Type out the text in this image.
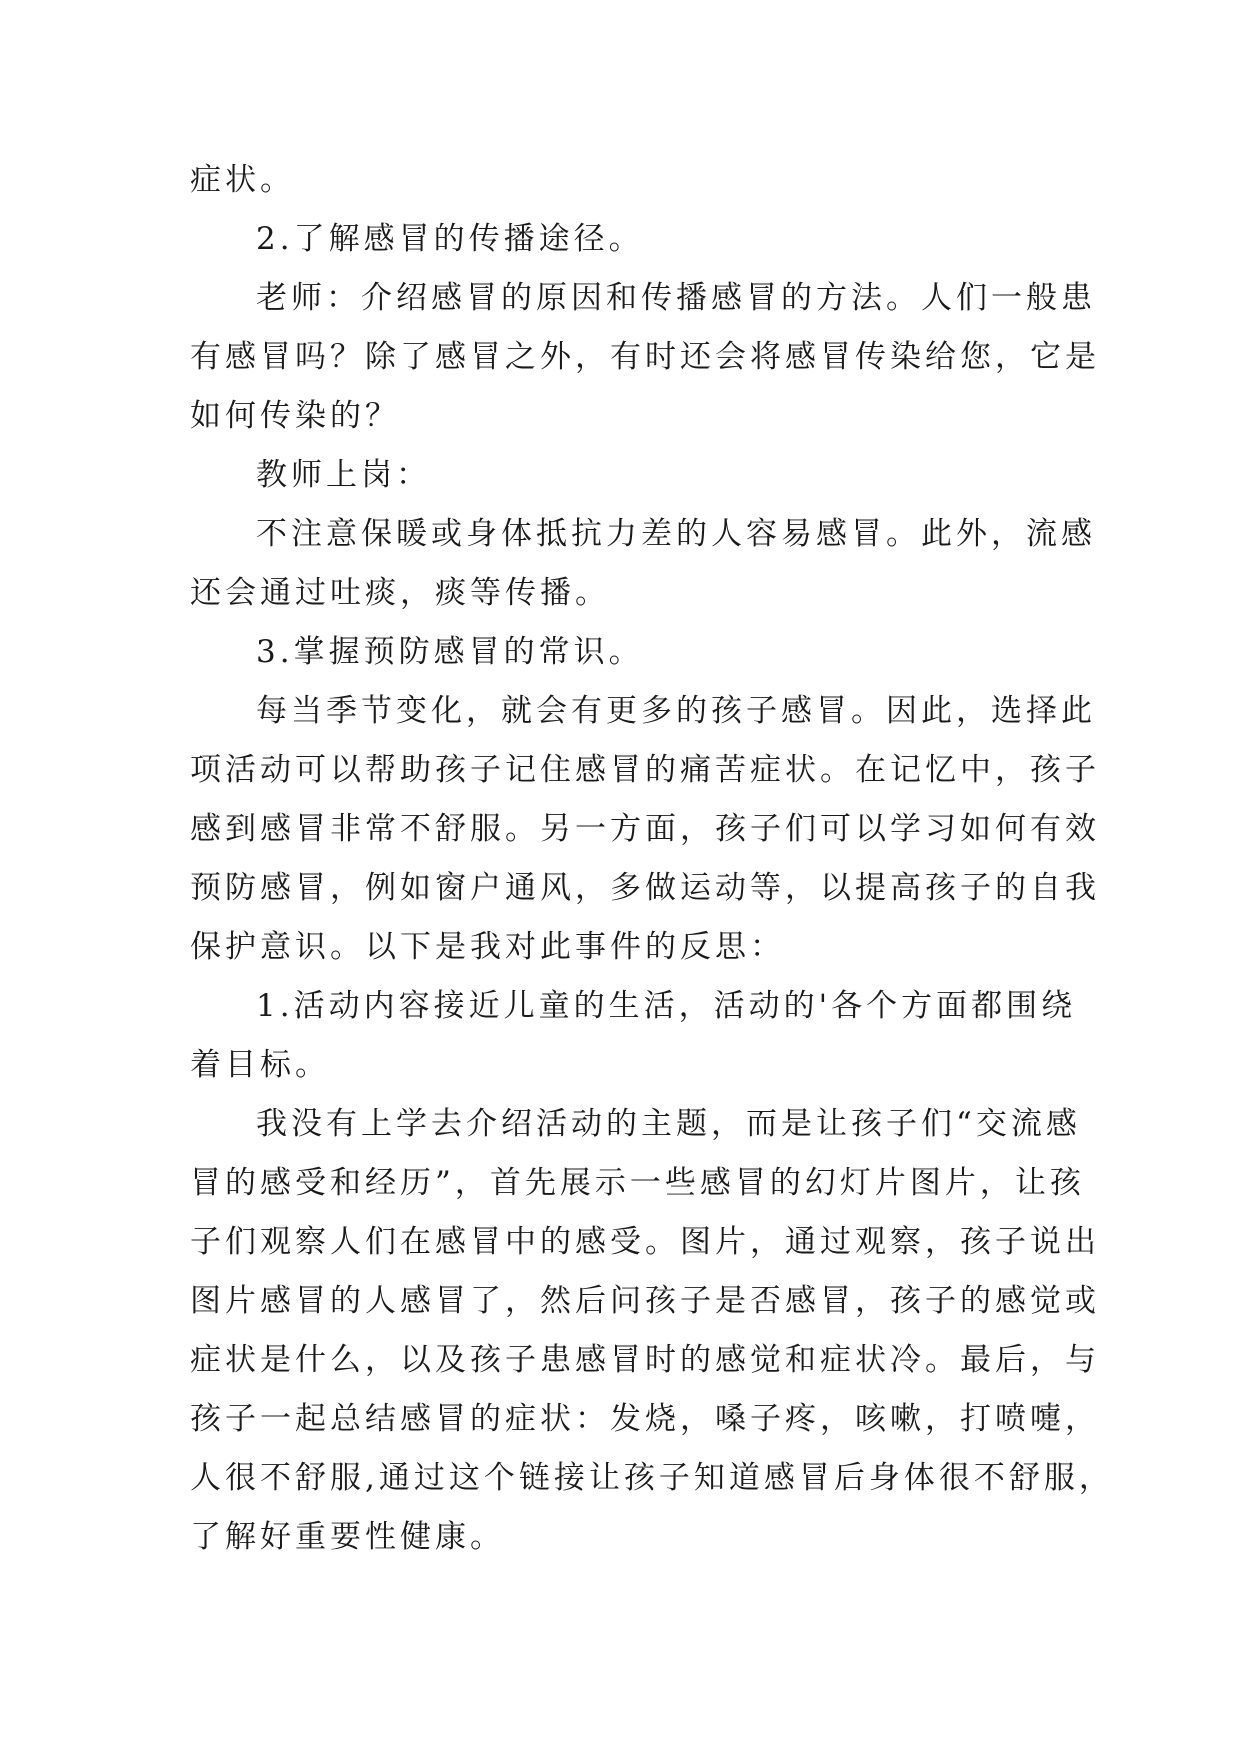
症状。
2.了解感冒的传播途径。
老师：介绍感冒的原因和传播感冒的方法。人们一般患
有感冒吗？除了感冒之外，有时还会将感冒传染给您，它是
如何传染的？
教师上岗：
不注意保暖或身体抵抗力差的人容易感冒。此外，流感
还会通过吐痰，痰等传播。
3.掌握预防感冒的常识。
每当季节变化，就会有更多的孩子感冒。因此，选择此
项活动可以帮助孩子记住感冒的痛苦症状。在记忆中，孩子
感到感冒非常不舒服。另一方面，孩子们可以学习如何有效
预防感冒，例如窗户通风，多做运动等，以提高孩子的自我
保护意识。以下是我对此事件的反思：
1.活动内容接近儿童的生活，活动的'各个方面都围绕
着目标。
我没有上学去介绍活动的主题，而是让孩子们“交流感
冒的感受和经历”，首先展示一些感冒的幻灯片图片，让孩
子们观察人们在感冒中的感受。图片，通过观察，孩子说出
图片感冒的人感冒了，然后问孩子是否感冒，孩子的感觉或
症状是什么，以及孩子患感冒时的感觉和症状冷。最后，与
孩子一起总结感冒的症状：发烧，嗓子疼，咳嗽，打喷嚏，
人很不舒服,通过这个链接让孩子知道感冒后身体很不舒服，
了解好重要性健康。
